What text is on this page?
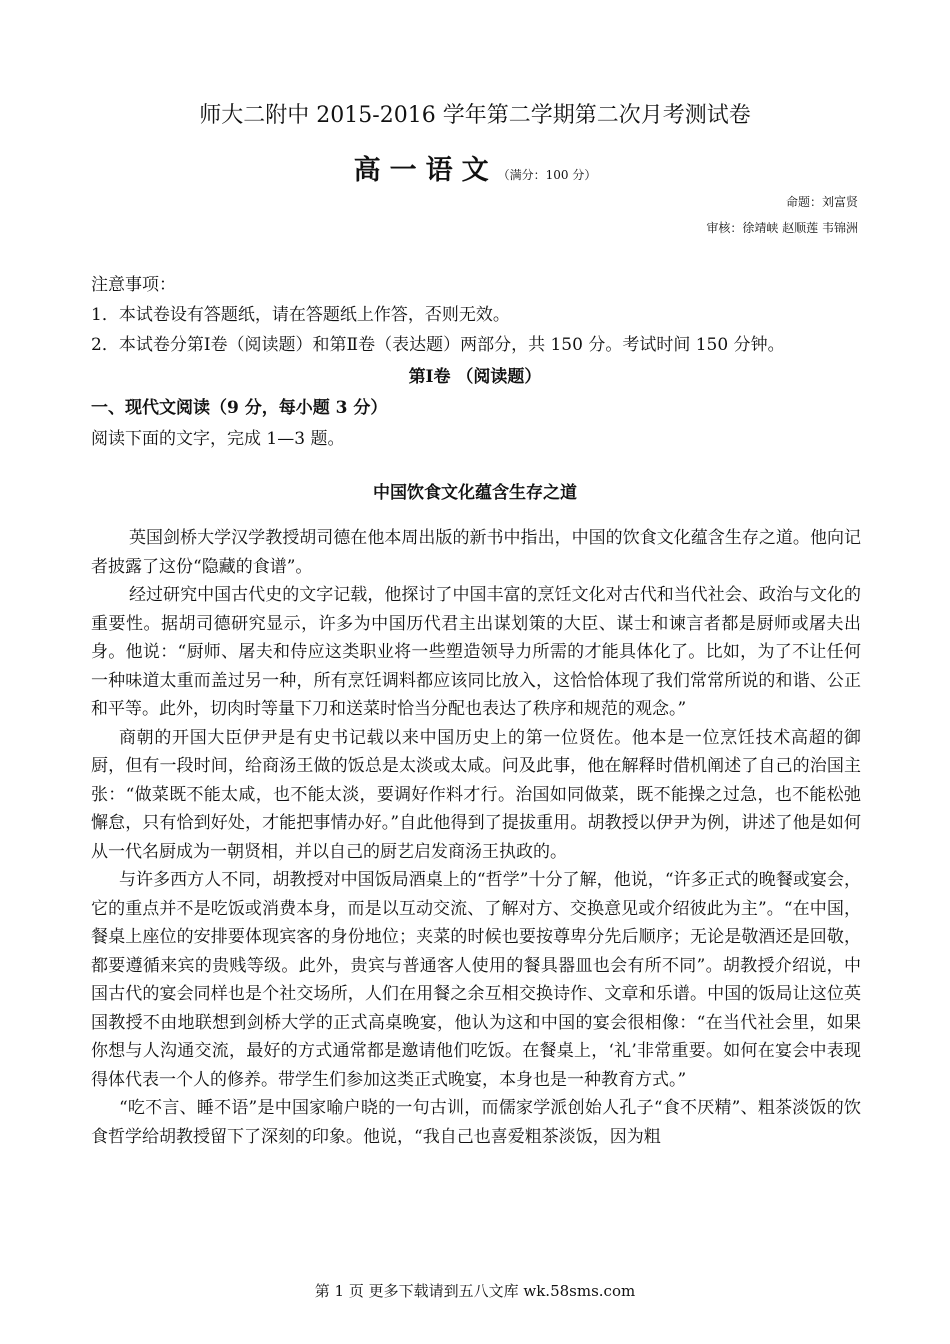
师大二附中 2015-2016 学年第二学期第二次月考测试卷
高一语文（满分：100 分）
命题：刘富贤
审核：徐靖峡 赵顺莲 韦锦洲

注意事项：

1．本试卷设有答题纸，请在答题纸上作答，否则无效。

2．本试卷分第Ⅰ卷（阅读题）和第Ⅱ卷（表达题）两部分，共 150 分。考试时间 150 分钟。

第Ⅰ卷 （阅读题）
一、现代文阅读（9 分，每小题 3 分）
阅读下面的文字，完成 1—3 题。
中国饮食文化蕴含生存之道

英国剑桥大学汉学教授胡司德在他本周出版的新书中指出，中国的饮食文化蕴含生存之道。他向记者披露了这份“隐藏的食谱”。

经过研究中国古代史的文字记载，他探讨了中国丰富的烹饪文化对古代和当代社会、政治与文化的重要性。据胡司德研究显示，许多为中国历代君主出谋划策的大臣、谋士和谏言者都是厨师或屠夫出身。他说：“厨师、屠夫和侍应这类职业将一些塑造领导力所需的才能具体化了。比如，为了不让任何一种味道太重而盖过另一种，所有烹饪调料都应该同比放入，这恰恰体现了我们常常所说的和谐、公正和平等。此外，切肉时等量下刀和送菜时恰当分配也表达了秩序和规范的观念。”

商朝的开国大臣伊尹是有史书记载以来中国历史上的第一位贤佐。他本是一位烹饪技术高超的御厨，但有一段时间，给商汤王做的饭总是太淡或太咸。问及此事，他在解释时借机阐述了自己的治国主张：“做菜既不能太咸，也不能太淡，要调好作料才行。治国如同做菜，既不能操之过急，也不能松弛懈怠，只有恰到好处，才能把事情办好。”自此他得到了提拔重用。胡教授以伊尹为例，讲述了他是如何从一代名厨成为一朝贤相，并以自己的厨艺启发商汤王执政的。

与许多西方人不同，胡教授对中国饭局酒桌上的“哲学”十分了解，他说，“许多正式的晚餐或宴会，它的重点并不是吃饭或消费本身，而是以互动交流、了解对方、交换意见或介绍彼此为主”。“在中国，餐桌上座位的安排要体现宾客的身份地位；夹菜的时候也要按尊卑分先后顺序；无论是敬酒还是回敬，都要遵循来宾的贵贱等级。此外，贵宾与普通客人使用的餐具器皿也会有所不同”。胡教授介绍说，中国古代的宴会同样也是个社交场所，人们在用餐之余互相交换诗作、文章和乐谱。中国的饭局让这位英国教授不由地联想到剑桥大学的正式高桌晚宴，他认为这和中国的宴会很相像：“在当代社会里，如果你想与人沟通交流，最好的方式通常都是邀请他们吃饭。在餐桌上，‘礼’非常重要。如何在宴会中表现得体代表一个人的修养。带学生们参加这类正式晚宴，本身也是一种教育方式。”

“吃不言、睡不语”是中国家喻户晓的一句古训，而儒家学派创始人孔子“食不厌精”、粗茶淡饭的饮食哲学给胡教授留下了深刻的印象。他说，“我自己也喜爱粗茶淡饭，因为粗

第 1 页 更多下载请到五八文库 wk.58sms.com
